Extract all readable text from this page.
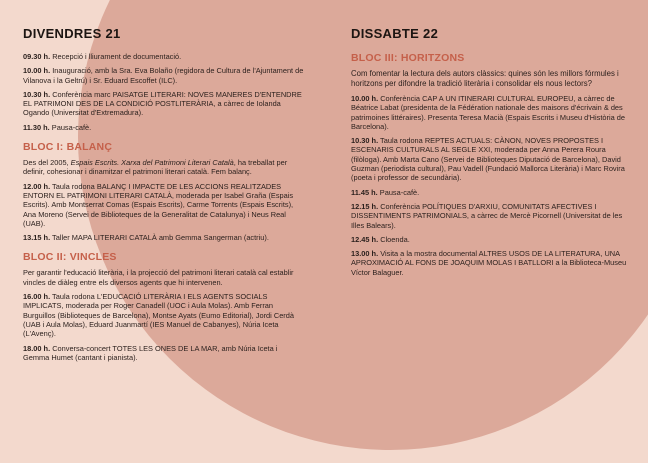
DIVENDRES 21

09.30 h. Recepció i lliurament de documentació.

10.00 h. Inauguració, amb la Sra. Eva Bolaño (regidora de Cultura de l'Ajuntament de Vilanova i la Geltrú) i Sr. Eduard Escoffet (ILC).

10.30 h. Conferència marc PAISATGE LITERARI: NOVES MANERES D'ENTENDRE EL PATRIMONI DES DE LA CONDICIÓ POSTLITERÀRIA, a càrrec de Iolanda Ogando (Universitat d'Extremadura).

11.30 h. Pausa-cafè.

BLOC I: BALANÇ

Des del 2005, Espais Escrits. Xarxa del Patrimoni Literari Català, ha treballat per definir, cohesionar i dinamitzar el patrimoni literari català. Fem balanç.

12.00 h. Taula rodona BALANÇ I IMPACTE DE LES ACCIONS REALITZADES ENTORN EL PATRIMONI LITERARI CATALÀ, moderada per Isabel Graña (Espais Escrits). Amb Montserrat Comas (Espais Escrits), Carme Torrents (Espais Escrits), Ana Moreno (Servei de Biblioteques de la Generalitat de Catalunya) i Neus Real (UAB).

13.15 h. Taller MAPA LITERARI CATALÀ amb Gemma Sangerman (actriu).

BLOC II: VINCLES

Per garantir l'educació literària, i la projecció del patrimoni literari català cal establir vincles de diàleg entre els diversos agents que hi intervenen.

16.00 h. Taula rodona L'EDUCACIÓ LITERÀRIA I ELS AGENTS SOCIALS IMPLICATS, moderada per Roger Canadell (UOC i Aula Molas). Amb Ferran Burguillos (Biblioteques de Barcelona), Montse Ayats (Eumo Editorial), Jordi Cerdà (UAB i Aula Molas), Eduard Juanmartí (IES Manuel de Cabanyes), Núria Iceta (L'Avenç).

18.00 h. Conversa-concert TOTES LES ONES DE LA MAR, amb Núria Iceta i Gemma Humet (cantant i pianista).

DISSABTE 22
BLOC III: HORITZONS

Com fomentar la lectura dels autors clàssics: quines són les millors fórmules i horitzons per difondre la tradició literària i consolidar els nous lectors?

10.00 h. Conferència CAP A UN ITINERARI CULTURAL EUROPEU, a càrrec de Béatrice Labat (presidenta de la Fédération nationale des maisons d'écrivain & des patrimoines littéraires). Presenta Teresa Macià (Espais Escrits i Museu d'Història de Barcelona).

10.30 h. Taula rodona REPTES ACTUALS: CÀNON, NOVES PROPOSTES I ESCENARIS CULTURALS AL SEGLE XXI, moderada per Anna Perera Roura (filòloga). Amb Marta Cano (Servei de Biblioteques Diputació de Barcelona), David Guzman (periodista cultural), Pau Vadell (Fundació Mallorca Literària) i Marc Rovira (poeta i professor de secundària).

11.45 h. Pausa-cafè.

12.15 h. Conferència POLÍTIQUES D'ARXIU, COMUNITATS AFECTIVES I DISSENTIMENTS PATRIMONIALS, a càrrec de Mercè Picornell (Universitat de les Illes Balears).

12.45 h. Cloenda.

13.00 h. Visita a la mostra documental ALTRES USOS DE LA LITERATURA, UNA APROXIMACIÓ AL FONS DE JOAQUIM MOLAS I BATLLORI a la Biblioteca-Museu Víctor Balaguer.
